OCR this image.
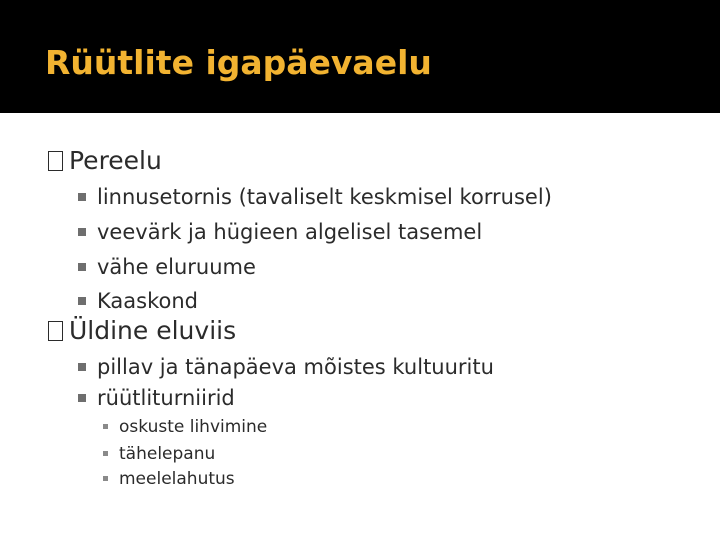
Rüütlite igapäevaelu
Pereelu
linnusetornis (tavaliselt keskmisel korrusel)
veevärk ja hügieen algelisel tasemel
vähe eluruume
Kaaskond
Üldine eluviis
pillav ja tänapäeva mõistes kultuuritu
rüütliturniirid
oskuste lihvimine
tähelepanu
meelelahutus
